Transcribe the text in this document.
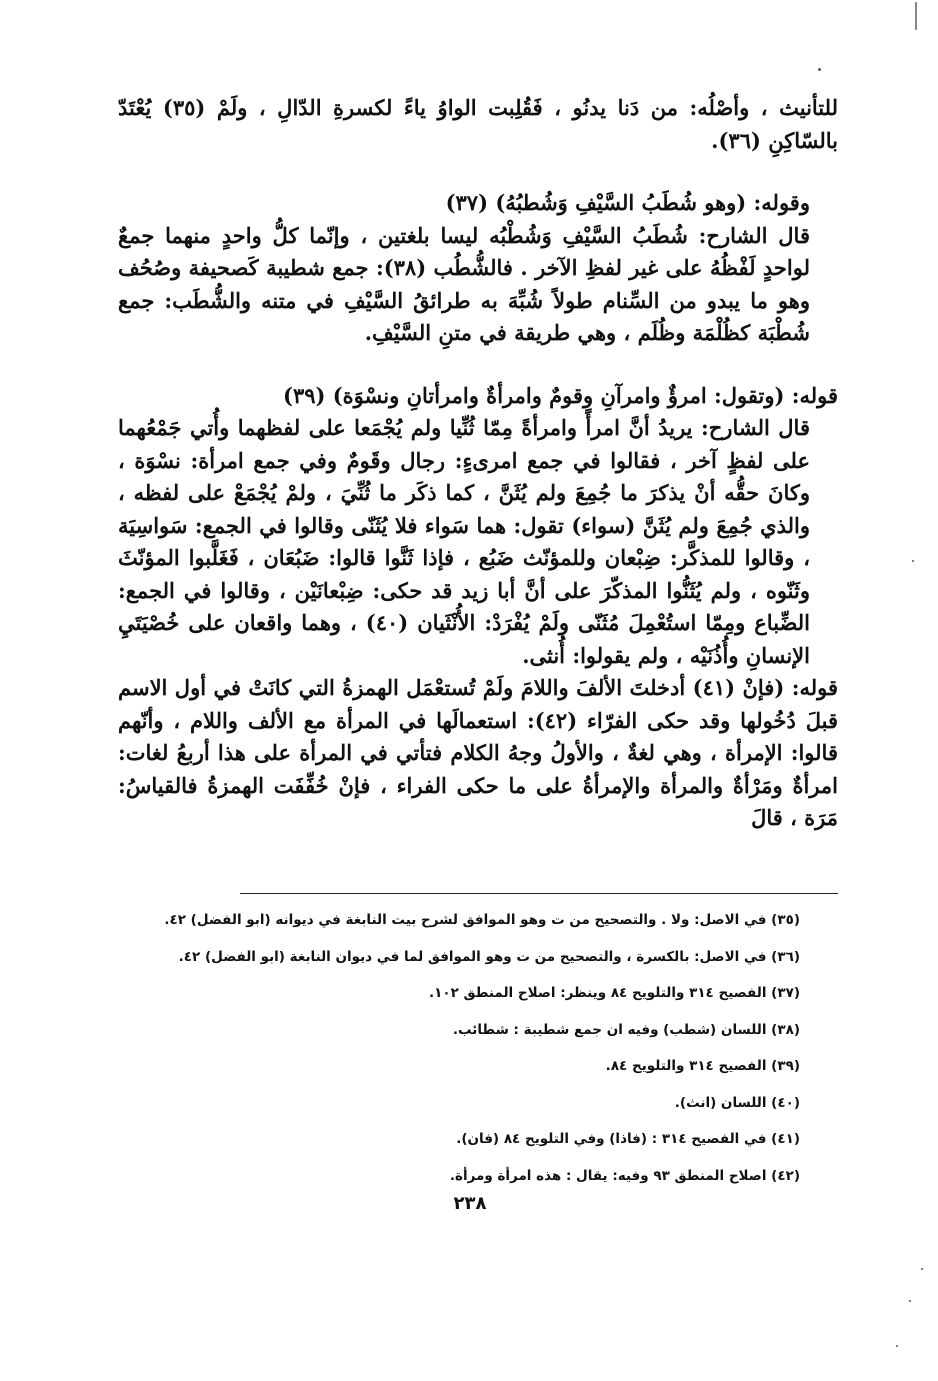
للتأنيث ، وأصْلُه: من دَنا يدنُو ، فَقُلِبت الواوُ ياءً لكسرةِ الدّالِ ، ولَمْ (٣٥) يُعْتَدّ بالسّاكِنِ (٣٦).

وقوله: (وهو شُطَبُ السَّيْفِ وَشُطبُهُ) (٣٧)

قال الشارح: شُطَبُ السَّيْفِ وَشُطْبُه ليسا بلغتين ، وإنّما كلُّ واحدٍ منهما جمعٌ لواحدٍ لَفْظُهُ على غير لفظِ الآخر . فالشُّطُب (٣٨): جمع شطيبة كَصحيفة وصُحُف وهو ما يبدو من السِّنام طولاً شُبِّهَ به طرائقُ السَّيْفِ في متنه والشُّطَب: جمع شُطْبَة كظُلْمَة وظُلَم ، وهي طريقة في متنِ السَّيْفِ.

قوله: (وتقول: امرؤٌ وامرآنِ وقومٌ وامرأةٌ وامرأتانِ ونسْوَة) (٣٩)

قال الشارح: يريدُ أنَّ امرأً وامرأةً مِمّا ثُنِّيا ولم يُجْمَعا على لفظهما وأُتي جَمْعُهما على لفظٍ آخر ، فقالوا في جمع امرىءٍ: رجال وقَومٌ وفي جمع امرأة: نسْوَة ، وكانَ حقُّه أنْ يذكرَ ما جُمِعَ ولم يُثَنَّ ، كما ذكَر ما ثُنِّيَ ، ولمْ يُجْمَعْ على لفظه ، والذي جُمِعَ ولم يُثَنَّ (سواء) تقول: هما سَواء فلا يُثَنّى وقالوا في الجمع: سَواسِيَة ، وقالوا للمذكَّر: ضِبْعان وللمؤنّث ضَبُع ، فإذا ثَنَّوا قالوا: ضَبُعَان ، فَغَلَّبوا المؤنّثَ وثَنّوه ، ولم يُثَنُّوا المذكّرَ على أنَّ أبا زيد قد حكى: ضِبْعانَيْن ، وقالوا في الجمع: الضِّباع ومِمّا استُعْمِلَ مُثَنّى ولَمْ يُفْرَدْ: الأُنْثَيان (٤٠) ، وهما واقعان على خُصْيَتَيِ الإنسانِ وأُذُنَيْه ، ولم يقولوا: أُنثى.

قوله: (فإنْ (٤١) أدخلتَ الألفَ واللامَ ولَمْ تُستعْمَل الهمزةُ التي كانَتْ في أول الاسم قبلَ دُخُولها وقد حكى الفرّاء (٤٢): استعمالَها في المرأة مع الألف واللام ، وأنّهم قالوا: الإمرأة ، وهي لغةٌ ، والأولُ وجهُ الكلام فتأتي في المرأة على هذا أربعُ لغات: امرأةٌ ومَرْأةٌ والمرأة والإمرأةُ على ما حكى الفراء ، فإنْ خُفِّفَت الهمزةُ فالقياسُ: مَرَة ، قالَ

(٣٥) في الاصل: ولا . والتصحيح من ت وهو الموافق لشرح بيت النابغة في ديوانه (ابو الفضل) ٤٢.

(٣٦) في الاصل: بالكسرة ، والتصحيح من ت وهو الموافق لما في ديوان النابغة (ابو الفضل) ٤٢.

(٣٧) الفصيح ٣١٤ والتلويح ٨٤ وينظر: اصلاح المنطق ١٠٢.

(٣٨) اللسان (شطب) وفيه ان جمع شطيبة : شطائب.

(٣٩) الفصيح ٣١٤ والتلويح ٨٤.

(٤٠) اللسان (انث).

(٤١) في الفصيح ٣١٤ : (فاذا) وفي التلويح ٨٤ (فان).

(٤٢) اصلاح المنطق ٩٣ وفيه: يقال : هذه امرأة ومرأة.

٢٣٨
